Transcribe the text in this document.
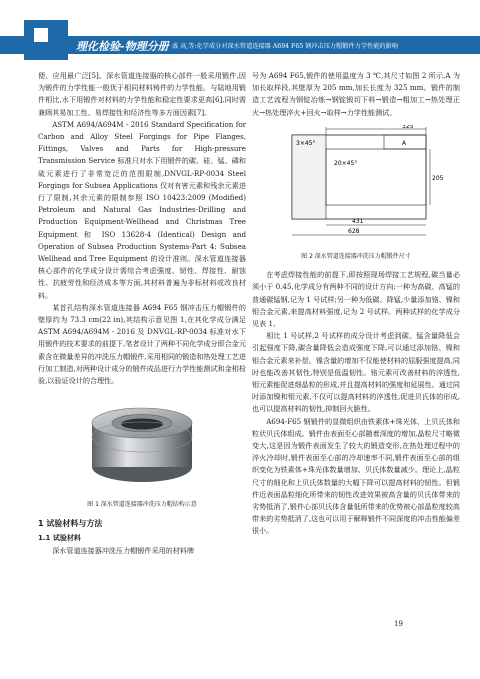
理化检验-物理分册 戚 高,等:化学成分对深水管道连接器 A694 F65 钢冲击压力帽锻件力学性能的影响

便、应用最广泛[5]。深水管道连接器的核心部件一般采用锻件,因为锻件的力学性能一般优于相同材料铸件的力学性能。与陆地用锻件相比,水下用锻件对材料的力学性能和稳定性要求更高[6],同时需兼顾其易加工性、易焊接性和经济性等多方面因素[7]。

ASTM A694/A694M - 2016 Standard Specification for Carbon and Alloy Steel Forgings for Pipe Flanges, Fittings, Valves and Parts for High-pressure Transmission Service 标准只对水下用锻件的碳、硅、锰、磷和硫元素进行了非常宽泛的范围限制,DNVGL-RP-0034 Steel Forgings for Subsea Applications 仅对有害元素和残余元素进行了限制,其余元素的限制参照 ISO 10423:2009 (Modified) Petroleum and Natural Gas Industries-Drilling and Production Equipment-Wellhead and Christmas Tree Equipment 和 ISO 13628-4 (Identical) Design and Operation of Subsea Production Systems-Part 4: Subsea Wellhead and Tree Equipment 的设计准则。深水管道连接器核心部件的化学成分设计需综合考虑强度、韧性、焊接性、耐蚀性、抗疲劳性和经济成本等方面,其材料普遍为非标材料或改良材料。

某首孔结构深水管道连接器 A694 F65 钢冲击压力帽锻件的壁厚约为 73.3 cm(22 in),其结构示意见图 1,在其化学成分满足 ASTM A694/A694M - 2016 及 DNVGL-RP-0034 标准对水下用锻件的技术要求的前提下,笔者设计了两种不同化学成分即合金元素含在微量差异的冲洗压力帽锻件,采用相同的锻造和热处理工艺进行加工制造,对两种设计成分的锻件成品进行力学性能测试和金相检验,以验证设计的合理性。

图 1 深水管道连接器冲洗压力帽结构示意
1 试验材料与方法
1.1 试验材料

深水管道连接器冲洗压力帽锻件采用的材料牌

号为 A694 F65,锻件的使用温度为 3 ℃,其尺寸如图 2 所示,A 为加长取样段,其壁厚为 205 mm,加长长度为 325 mm。锻件的制造工艺流程为钢锭冶炼→钢锭锻切下料→锻造→粗加工→热处理正火→热处理淬火+回火→取样→力学性能测试。

325
A
3×45°
20×45°
205
431
628
图 2 深水管道连接器冲洗压力帽锻件尺寸

在考虑焊接性能的前提下,即按照现场焊接工艺规程,碳当量必须小于 0.45,化学成分有两种不同的设计方向:一种为高碳、高锰的普通碳锰钢,记为 1 号试样;另一种为低碳、降锰,少量添加铬、镍和钼合金元素,来提高材料强度,记为 2 号试样。两种试样的化学成分见表 1。

相比 1 号试样,2 号试样的成分设计考虑到碳、锰含量降低会引起强度下降,碳含量降低会造成强度下降,可以通过添加铬、镍和钼合金元素来补偿。镍含量的增加不仅能使材料的屈服强度提高,同时也能改善其韧性,特别是低温韧性。铬元素可改善材料的淬透性,钼元素能促进细晶粒的形成,并且提高材料的强度和延展性。通过同时添加镍和钼元素,不仅可以提高材料的淬透性,促进贝氏体的形成,也可以提高材料的韧性,抑制回火脆性。

A694-F65 钢锻件的显微组织由铁素体+珠光体、上贝氏体和粒状贝氏体组成。锻件由表面至心部随着深度的增加,晶粒尺寸略微变大,这是因为锻件表面发生了较大的锻造变形,在热处理过程中的淬火冷却时,锻件表面至心部的冷却速率不同,锻件表面至心部的组织变化为铁素体+珠光体数量增加、贝氏体数量减少。理论上,晶粒尺寸的细化和上贝氏体数量的大幅下降可以提高材料的韧性。但锻件近表面晶粒细化所带来的韧性改进效果被高含量的贝氏体带来的劣势抵消了,锻件心部贝氏体含量低所带来的优势被心部晶粒度较高带来的劣势抵消了,这也可以用于解释锻件不同深度的冲击性能偏差很小。

19
